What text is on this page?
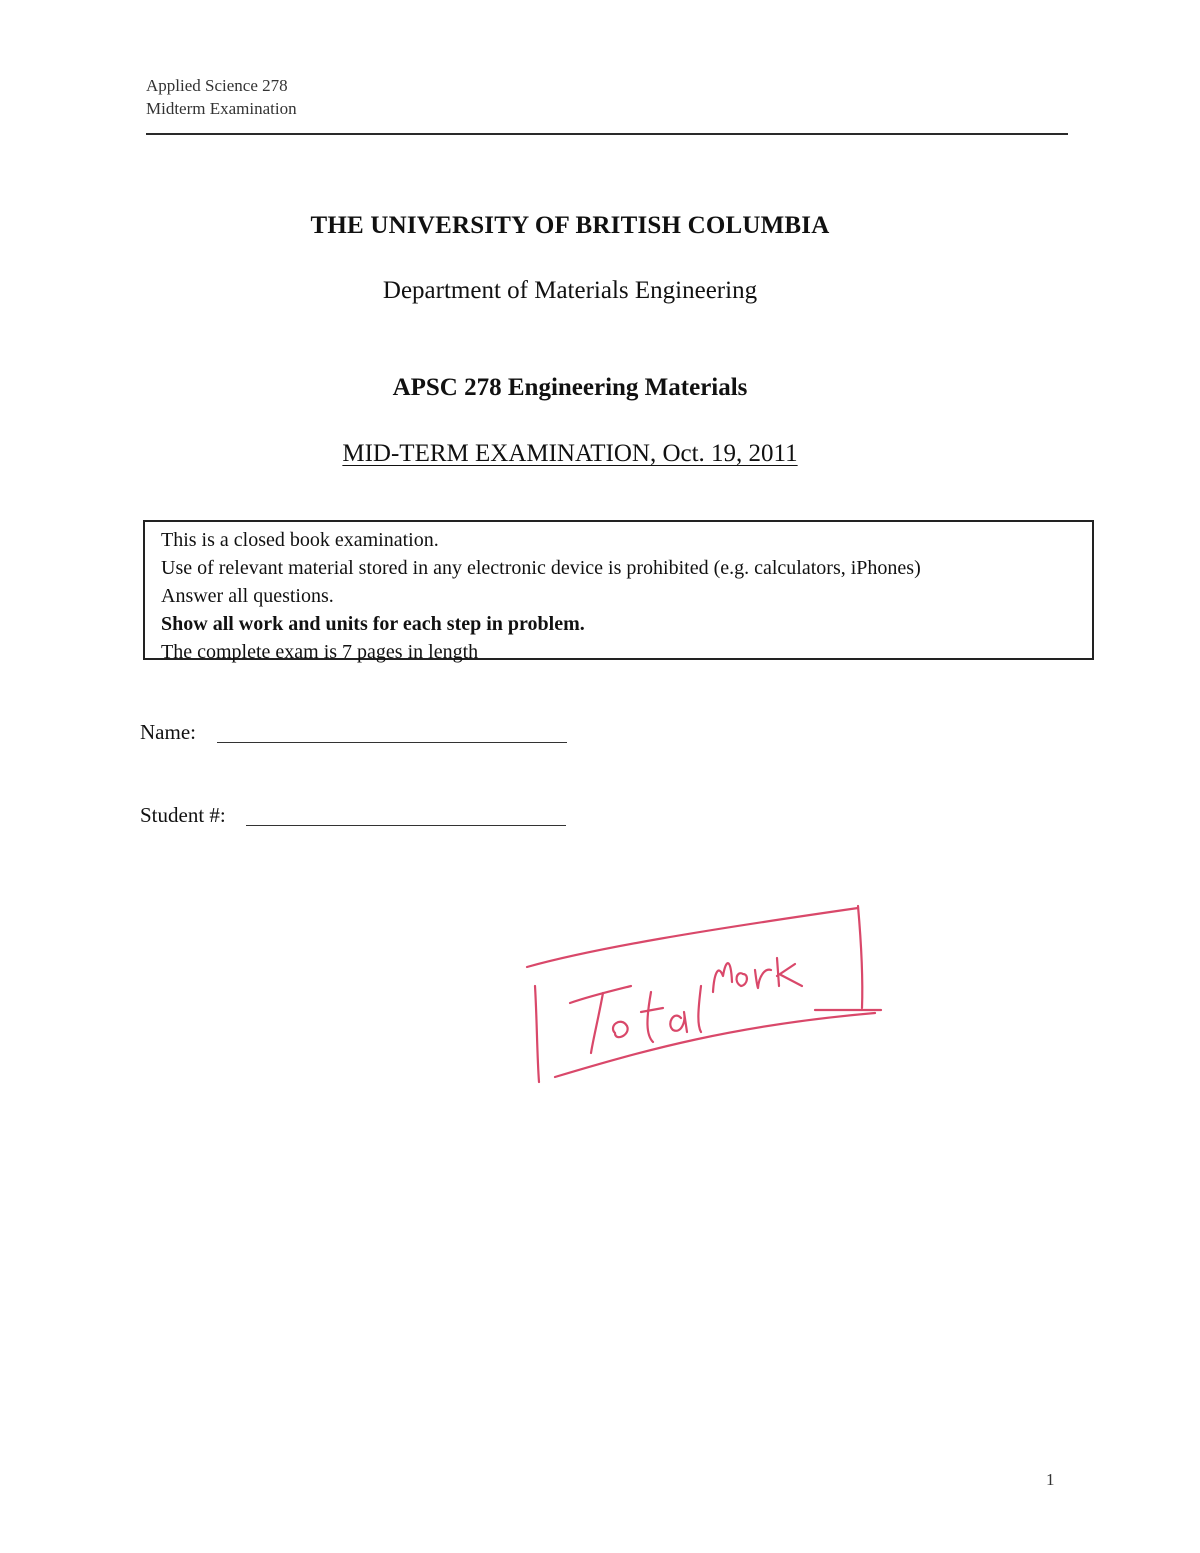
Applied Science 278
Midterm Examination
THE UNIVERSITY OF BRITISH COLUMBIA
Department of Materials Engineering
APSC 278 Engineering Materials
MID-TERM EXAMINATION, Oct. 19, 2011
This is a closed book examination.
Use of relevant material stored in any electronic device is prohibited (e.g. calculators, iPhones)
Answer all questions.
Show all work and units for each step in problem.
The complete exam is 7 pages in length
Name:
Student #:
1
